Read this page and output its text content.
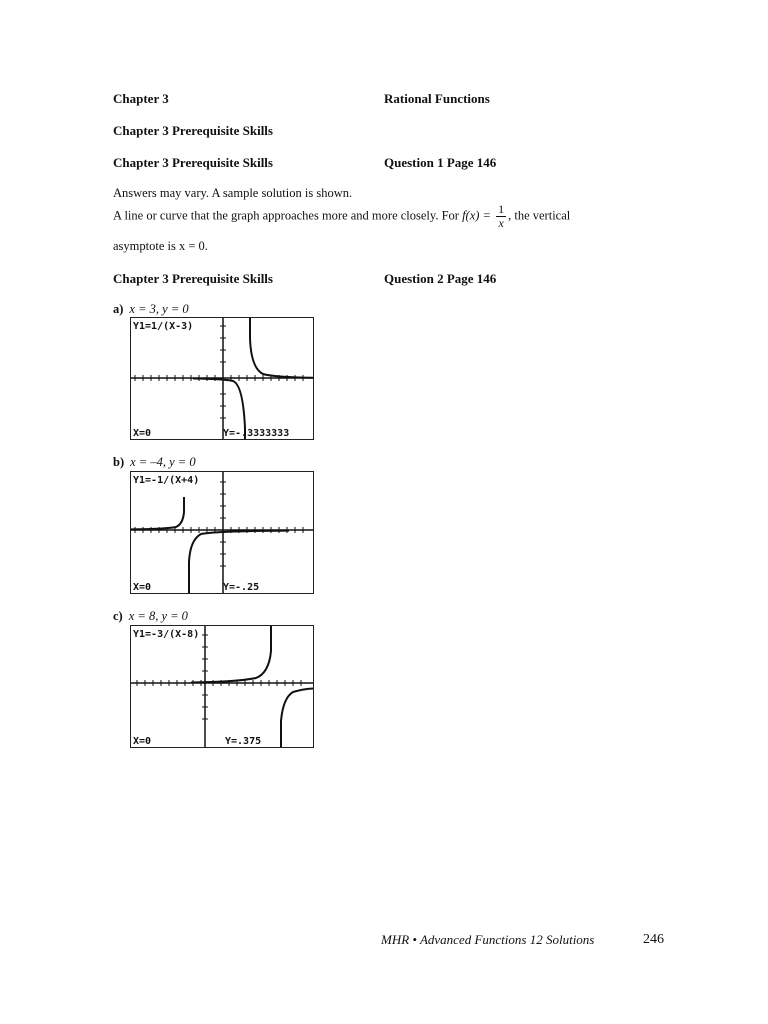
Chapter 3	Rational Functions
Chapter 3 Prerequisite Skills
Chapter 3 Prerequisite Skills	Question 1 Page 146
Answers may vary. A sample solution is shown.
A line or curve that the graph approaches more and more closely. For $f(x) = \frac{1}{x}$ , the vertical
asymptote is x = 0.
Chapter 3 Prerequisite Skills	Question 2 Page 146
a) x = 3, y = 0
Y1=1/(X-3)
X=0	Y=-.3333333
b) x = –4, y = 0
Y1=-1/(X+4)
X=0	Y=-.25
c) x = 8, y = 0
Y1=-3/(X-8)
X=0	Y=.375
MHR • Advanced Functions 12 Solutions	246
